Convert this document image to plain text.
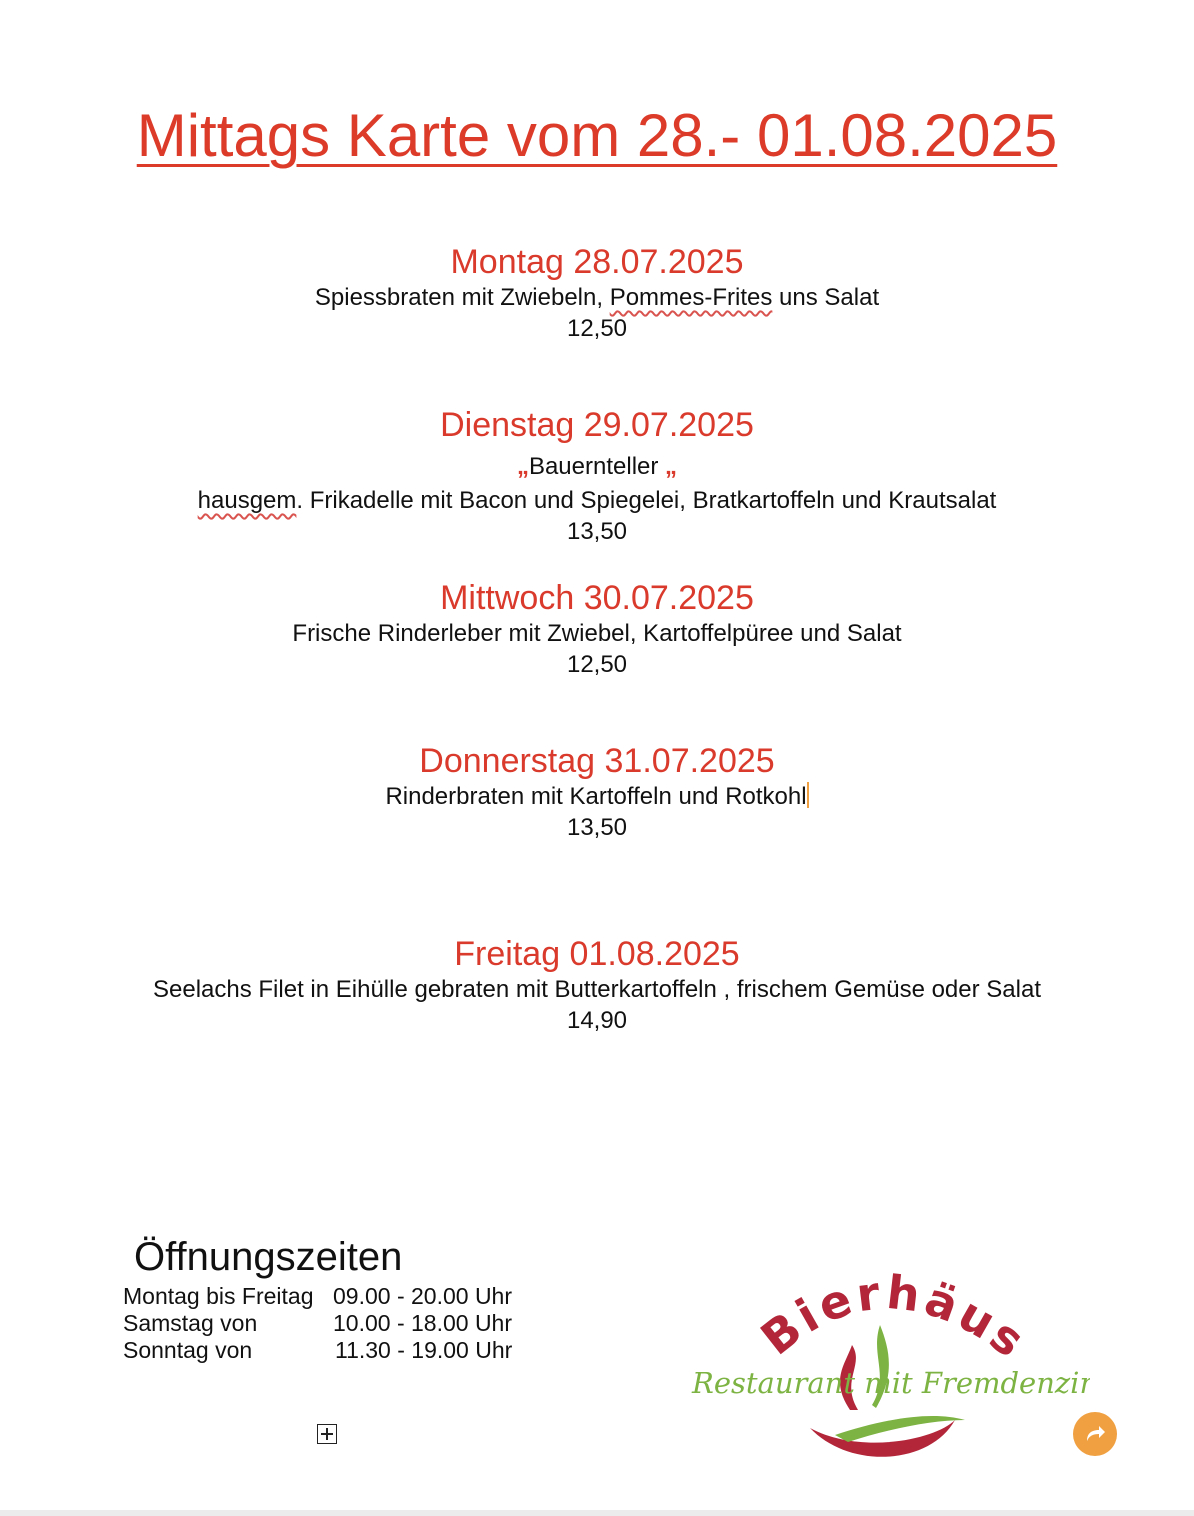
Mittags Karte vom 28.- 01.08.2025
Montag 28.07.2025

Spiessbraten mit Zwiebeln, Pommes-Frites uns Salat

12,50

Dienstag 29.07.2025

„Bauernteller „

hausgem. Frikadelle mit Bacon und Spiegelei, Bratkartoffeln und Krautsalat

13,50

Mittwoch 30.07.2025

Frische Rinderleber mit Zwiebel, Kartoffelpüree und Salat

12,50

Donnerstag 31.07.2025

Rinderbraten mit Kartoffeln und Rotkohl

13,50

Freitag 01.08.2025

Seelachs Filet in Eihülle gebraten mit Butterkartoffeln , frischem Gemüse oder Salat

14,90

Öffnungszeiten
Montag bis Freitag 09.00 - 20.00 Uhr
Samstag von	10.00 - 18.00 Uhr
Sonntag von	11.30 - 19.00 Uhr	Bierhäus
Restaurant mit Fremdenzi
